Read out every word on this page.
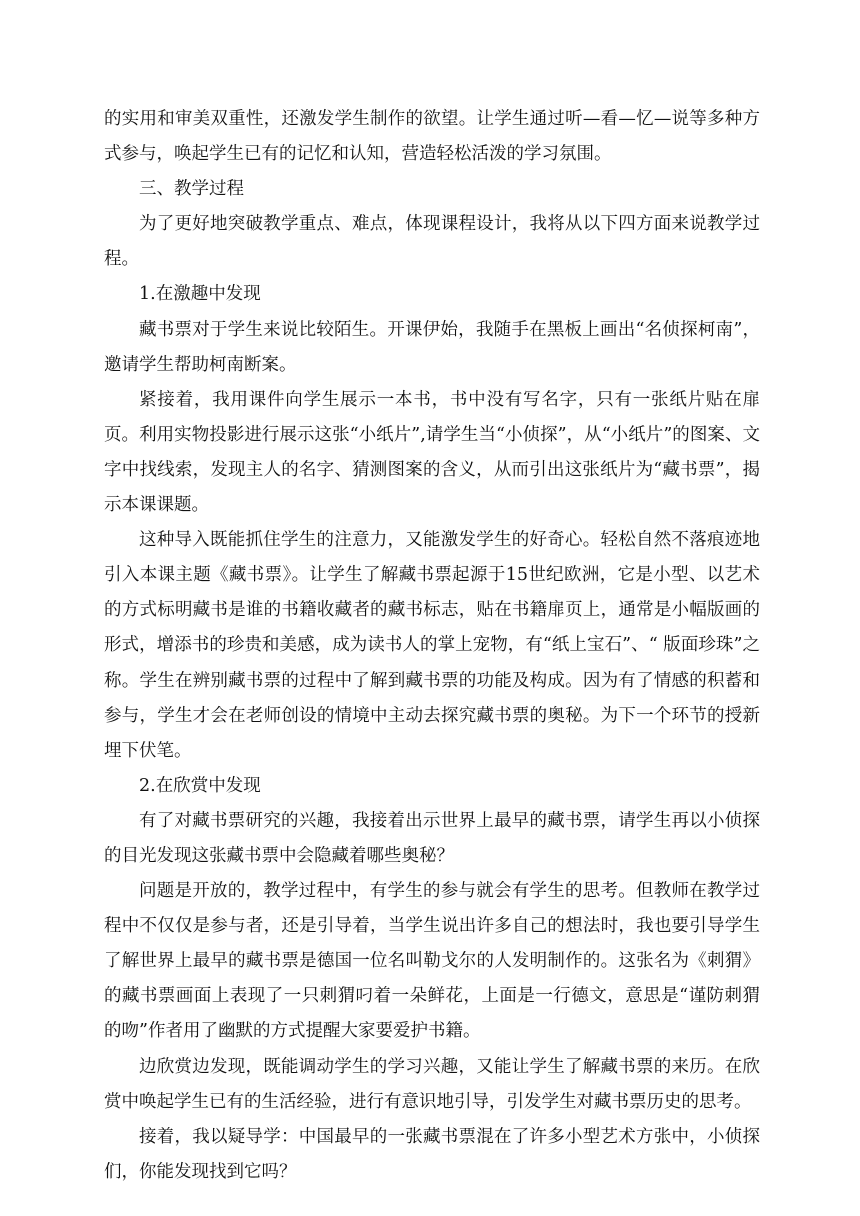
的实用和审美双重性，还激发学生制作的欲望。让学生通过听—看—忆—说等多种方式参与，唤起学生已有的记忆和认知，营造轻松活泼的学习氛围。

三、教学过程

为了更好地突破教学重点、难点，体现课程设计，我将从以下四方面来说教学过程。

1.在激趣中发现

藏书票对于学生来说比较陌生。开课伊始，我随手在黑板上画出“名侦探柯南”，邀请学生帮助柯南断案。

紧接着，我用课件向学生展示一本书，书中没有写名字，只有一张纸片贴在扉页。利用实物投影进行展示这张“小纸片”,请学生当“小侦探”，从“小纸片”的图案、文字中找线索，发现主人的名字、猜测图案的含义，从而引出这张纸片为“藏书票”，揭示本课课题。

这种导入既能抓住学生的注意力，又能激发学生的好奇心。轻松自然不落痕迹地引入本课主题《藏书票》。让学生了解藏书票起源于15世纪欧洲，它是小型、以艺术的方式标明藏书是谁的书籍收藏者的藏书标志，贴在书籍扉页上，通常是小幅版画的形式，增添书的珍贵和美感，成为读书人的掌上宠物，有“纸上宝石”、“ 版面珍珠”之称。学生在辨别藏书票的过程中了解到藏书票的功能及构成。因为有了情感的积蓄和参与，学生才会在老师创设的情境中主动去探究藏书票的奥秘。为下一个环节的授新埋下伏笔。

2.在欣赏中发现

有了对藏书票研究的兴趣，我接着出示世界上最早的藏书票，请学生再以小侦探的目光发现这张藏书票中会隐藏着哪些奥秘？

问题是开放的，教学过程中，有学生的参与就会有学生的思考。但教师在教学过程中不仅仅是参与者，还是引导着，当学生说出许多自己的想法时，我也要引导学生了解世界上最早的藏书票是德国一位名叫勒戈尔的人发明制作的。这张名为《刺猬》的藏书票画面上表现了一只刺猬叼着一朵鲜花，上面是一行德文，意思是“谨防刺猬的吻”作者用了幽默的方式提醒大家要爱护书籍。

边欣赏边发现，既能调动学生的学习兴趣，又能让学生了解藏书票的来历。在欣赏中唤起学生已有的生活经验，进行有意识地引导，引发学生对藏书票历史的思考。

接着，我以疑导学：中国最早的一张藏书票混在了许多小型艺术方张中，小侦探们，你能发现找到它吗？
